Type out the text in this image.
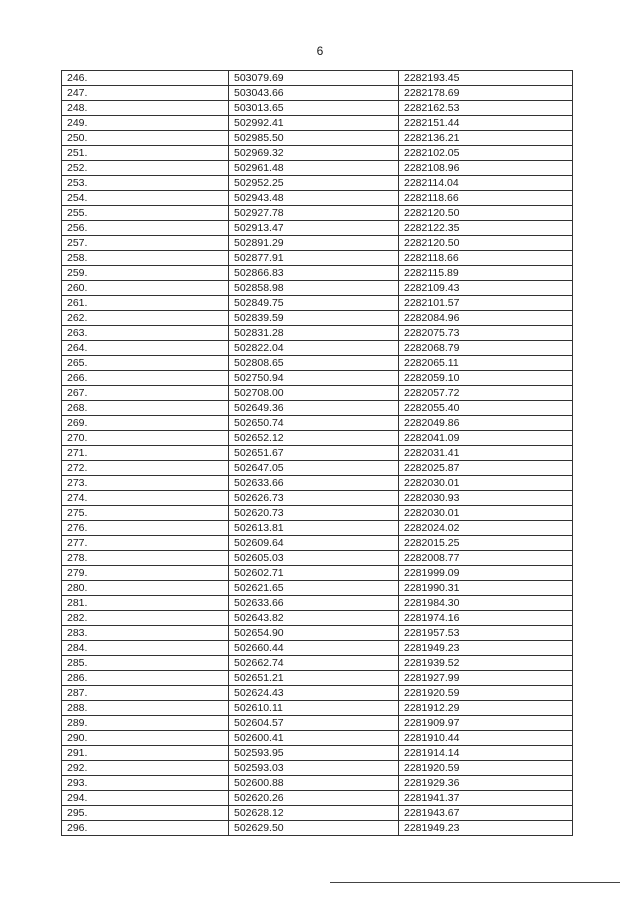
6
246.	503079.69	2282193.45
247.	503043.66	2282178.69
248.	503013.65	2282162.53
249.	502992.41	2282151.44
250.	502985.50	2282136.21
251.	502969.32	2282102.05
252.	502961.48	2282108.96
253.	502952.25	2282114.04
254.	502943.48	2282118.66
255.	502927.78	2282120.50
256.	502913.47	2282122.35
257.	502891.29	2282120.50
258.	502877.91	2282118.66
259.	502866.83	2282115.89
260.	502858.98	2282109.43
261.	502849.75	2282101.57
262.	502839.59	2282084.96
263.	502831.28	2282075.73
264.	502822.04	2282068.79
265.	502808.65	2282065.11
266.	502750.94	2282059.10
267.	502708.00	2282057.72
268.	502649.36	2282055.40
269.	502650.74	2282049.86
270.	502652.12	2282041.09
271.	502651.67	2282031.41
272.	502647.05	2282025.87
273.	502633.66	2282030.01
274.	502626.73	2282030.93
275.	502620.73	2282030.01
276.	502613.81	2282024.02
277.	502609.64	2282015.25
278.	502605.03	2282008.77
279.	502602.71	2281999.09
280.	502621.65	2281990.31
281.	502633.66	2281984.30
282.	502643.82	2281974.16
283.	502654.90	2281957.53
284.	502660.44	2281949.23
285.	502662.74	2281939.52
286.	502651.21	2281927.99
287.	502624.43	2281920.59
288.	502610.11	2281912.29
289.	502604.57	2281909.97
290.	502600.41	2281910.44
291.	502593.95	2281914.14
292.	502593.03	2281920.59
293.	502600.88	2281929.36
294.	502620.26	2281941.37
295.	502628.12	2281943.67
296.	502629.50	2281949.23
